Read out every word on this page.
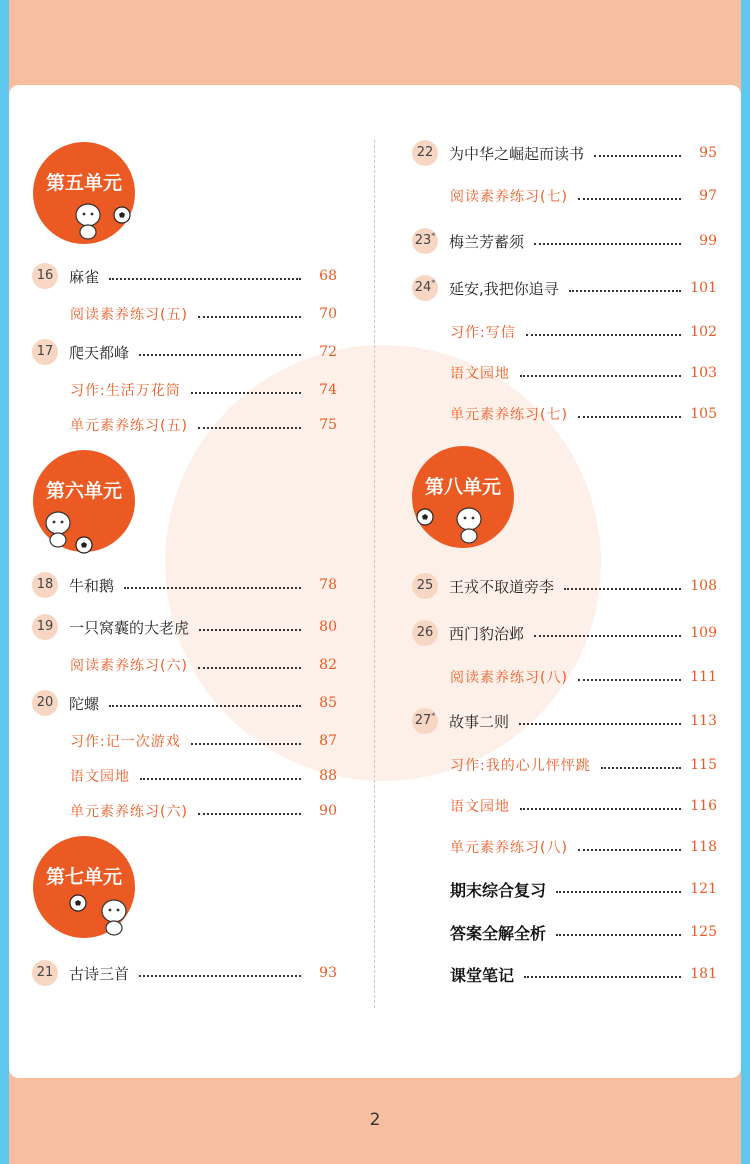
第五单元
第六单元
第七单元
第八单元
16	麻雀	68
阅读素养练习(五)	70
17	爬天都峰	72
习作:生活万花筒	74
单元素养练习(五)	75
18	牛和鹅	78
19	一只窝囊的大老虎	80
阅读素养练习(六)	82
20	陀螺	85
习作:记一次游戏	87
语文园地	88
单元素养练习(六)	90
21	古诗三首	93
22	为中华之崛起而读书	95
阅读素养练习(七)	97
23* 梅兰芳蓄须	99
24* 延安,我把你追寻	101
习作:写信	102
语文园地	103
单元素养练习(七)	105
25	王戎不取道旁李	108
26	西门豹治邺	109
阅读素养练习(八)	111
27* 故事二则	113
习作:我的心儿怦怦跳	115
语文园地	116
单元素养练习(八)	118
期末综合复习	121
答案全解全析	125
课堂笔记	181
2
